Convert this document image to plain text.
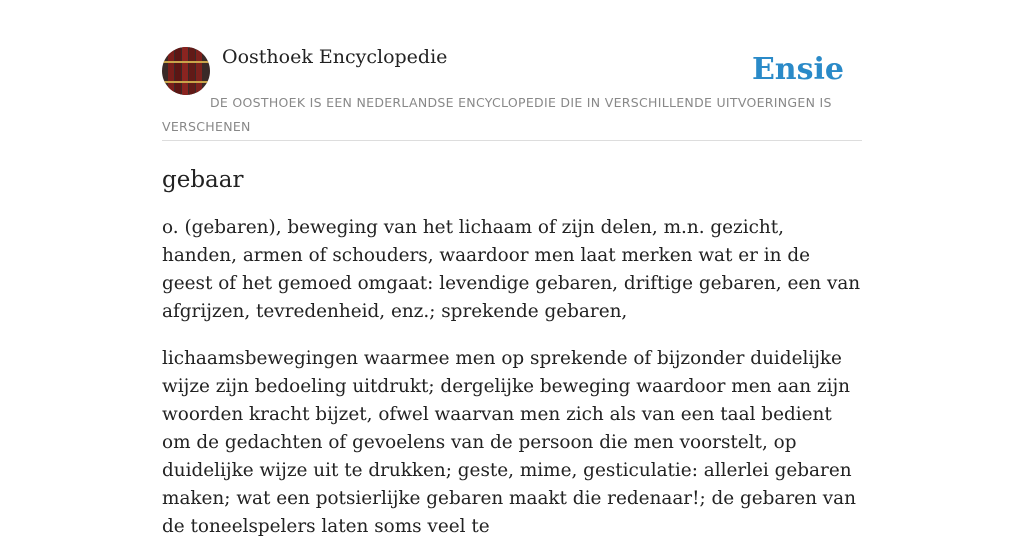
Oosthoek Encyclopedie	Ensie
DE OOSTHOEK IS EEN NEDERLANDSE ENCYCLOPEDIE DIE IN VERSCHILLENDE UITVOERINGEN IS VERSCHENEN
gebaar

o. (gebaren), beweging van het lichaam of zijn delen, m.n. gezicht, handen, armen of schouders, waardoor men laat merken wat er in de geest of het gemoed omgaat: levendige gebaren, driftige gebaren, een van afgrijzen, tevredenheid, enz.; sprekende gebaren,

lichaamsbewegingen waarmee men op sprekende of bijzonder duidelijke wijze zijn bedoeling uitdrukt; dergelijke beweging waardoor men aan zijn woorden kracht bijzet, ofwel waarvan men zich als van een taal bedient om de gedachten of gevoelens van de persoon die men voorstelt, op duidelijke wijze uit te drukken; geste, mime, gesticulatie: allerlei gebaren maken; wat een potsierlijke gebaren maakt die redenaar!; de gebaren van de toneelspelers laten soms veel te
